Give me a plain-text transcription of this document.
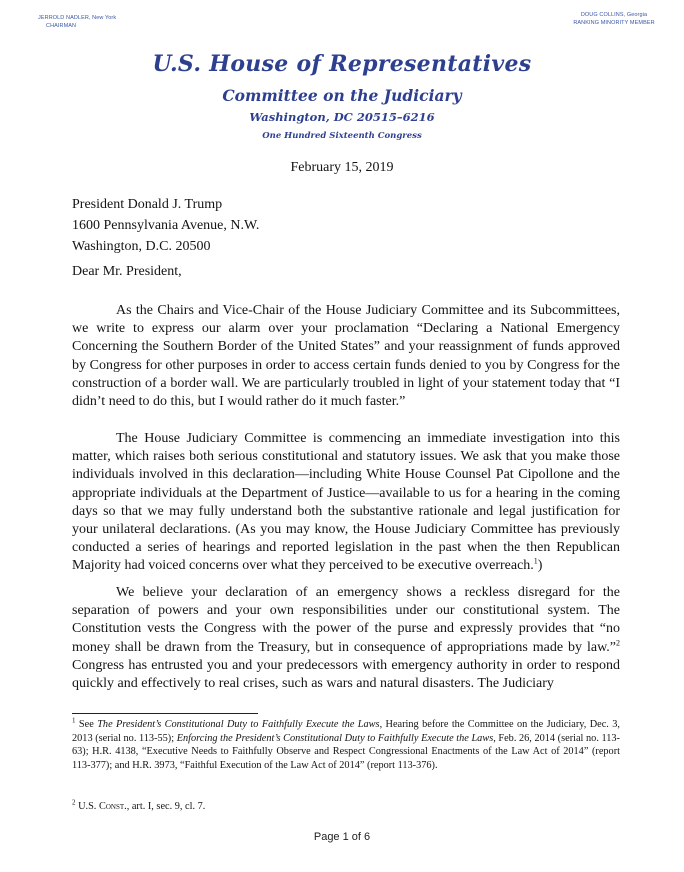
JERROLD NADLER, New York
CHAIRMAN
DOUG COLLINS, Georgia
RANKING MINORITY MEMBER
U.S. House of Representatives
Committee on the Judiciary
Washington, DC 20515–6216
One Hundred Sixteenth Congress
February 15, 2019
President Donald J. Trump
1600 Pennsylvania Avenue, N.W.
Washington, D.C. 20500
Dear Mr. President,

As the Chairs and Vice-Chair of the House Judiciary Committee and its Subcommittees, we write to express our alarm over your proclamation “Declaring a National Emergency Concerning the Southern Border of the United States” and your reassignment of funds approved by Congress for other purposes in order to access certain funds denied to you by Congress for the construction of a border wall. We are particularly troubled in light of your statement today that “I didn’t need to do this, but I would rather do it much faster.”

The House Judiciary Committee is commencing an immediate investigation into this matter, which raises both serious constitutional and statutory issues. We ask that you make those individuals involved in this declaration—including White House Counsel Pat Cipollone and the appropriate individuals at the Department of Justice—available to us for a hearing in the coming days so that we may fully understand both the substantive rationale and legal justification for your unilateral declarations. (As you may know, the House Judiciary Committee has previously conducted a series of hearings and reported legislation in the past when the then Republican Majority had voiced concerns over what they perceived to be executive overreach.$^1$)

We believe your declaration of an emergency shows a reckless disregard for the separation of powers and your own responsibilities under our constitutional system. The Constitution vests the Congress with the power of the purse and expressly provides that “no money shall be drawn from the Treasury, but in consequence of appropriations made by law.”$^2$ Congress has entrusted you and your predecessors with emergency authority in order to respond quickly and effectively to real crises, such as wars and natural disasters. The Judiciary

$^1$ See The President’s Constitutional Duty to Faithfully Execute the Laws, Hearing before the Committee on the Judiciary, Dec. 3, 2013 (serial no. 113-55); Enforcing the President’s Constitutional Duty to Faithfully Execute the Laws, Feb. 26, 2014 (serial no. 113-63); H.R. 4138, “Executive Needs to Faithfully Observe and Respect Congressional Enactments of the Law Act of 2014” (report 113-377); and H.R. 3973, “Faithful Execution of the Law Act of 2014” (report 113-376).
$^2$ U.S. Const., art. I, sec. 9, cl. 7.
Page 1 of 6
